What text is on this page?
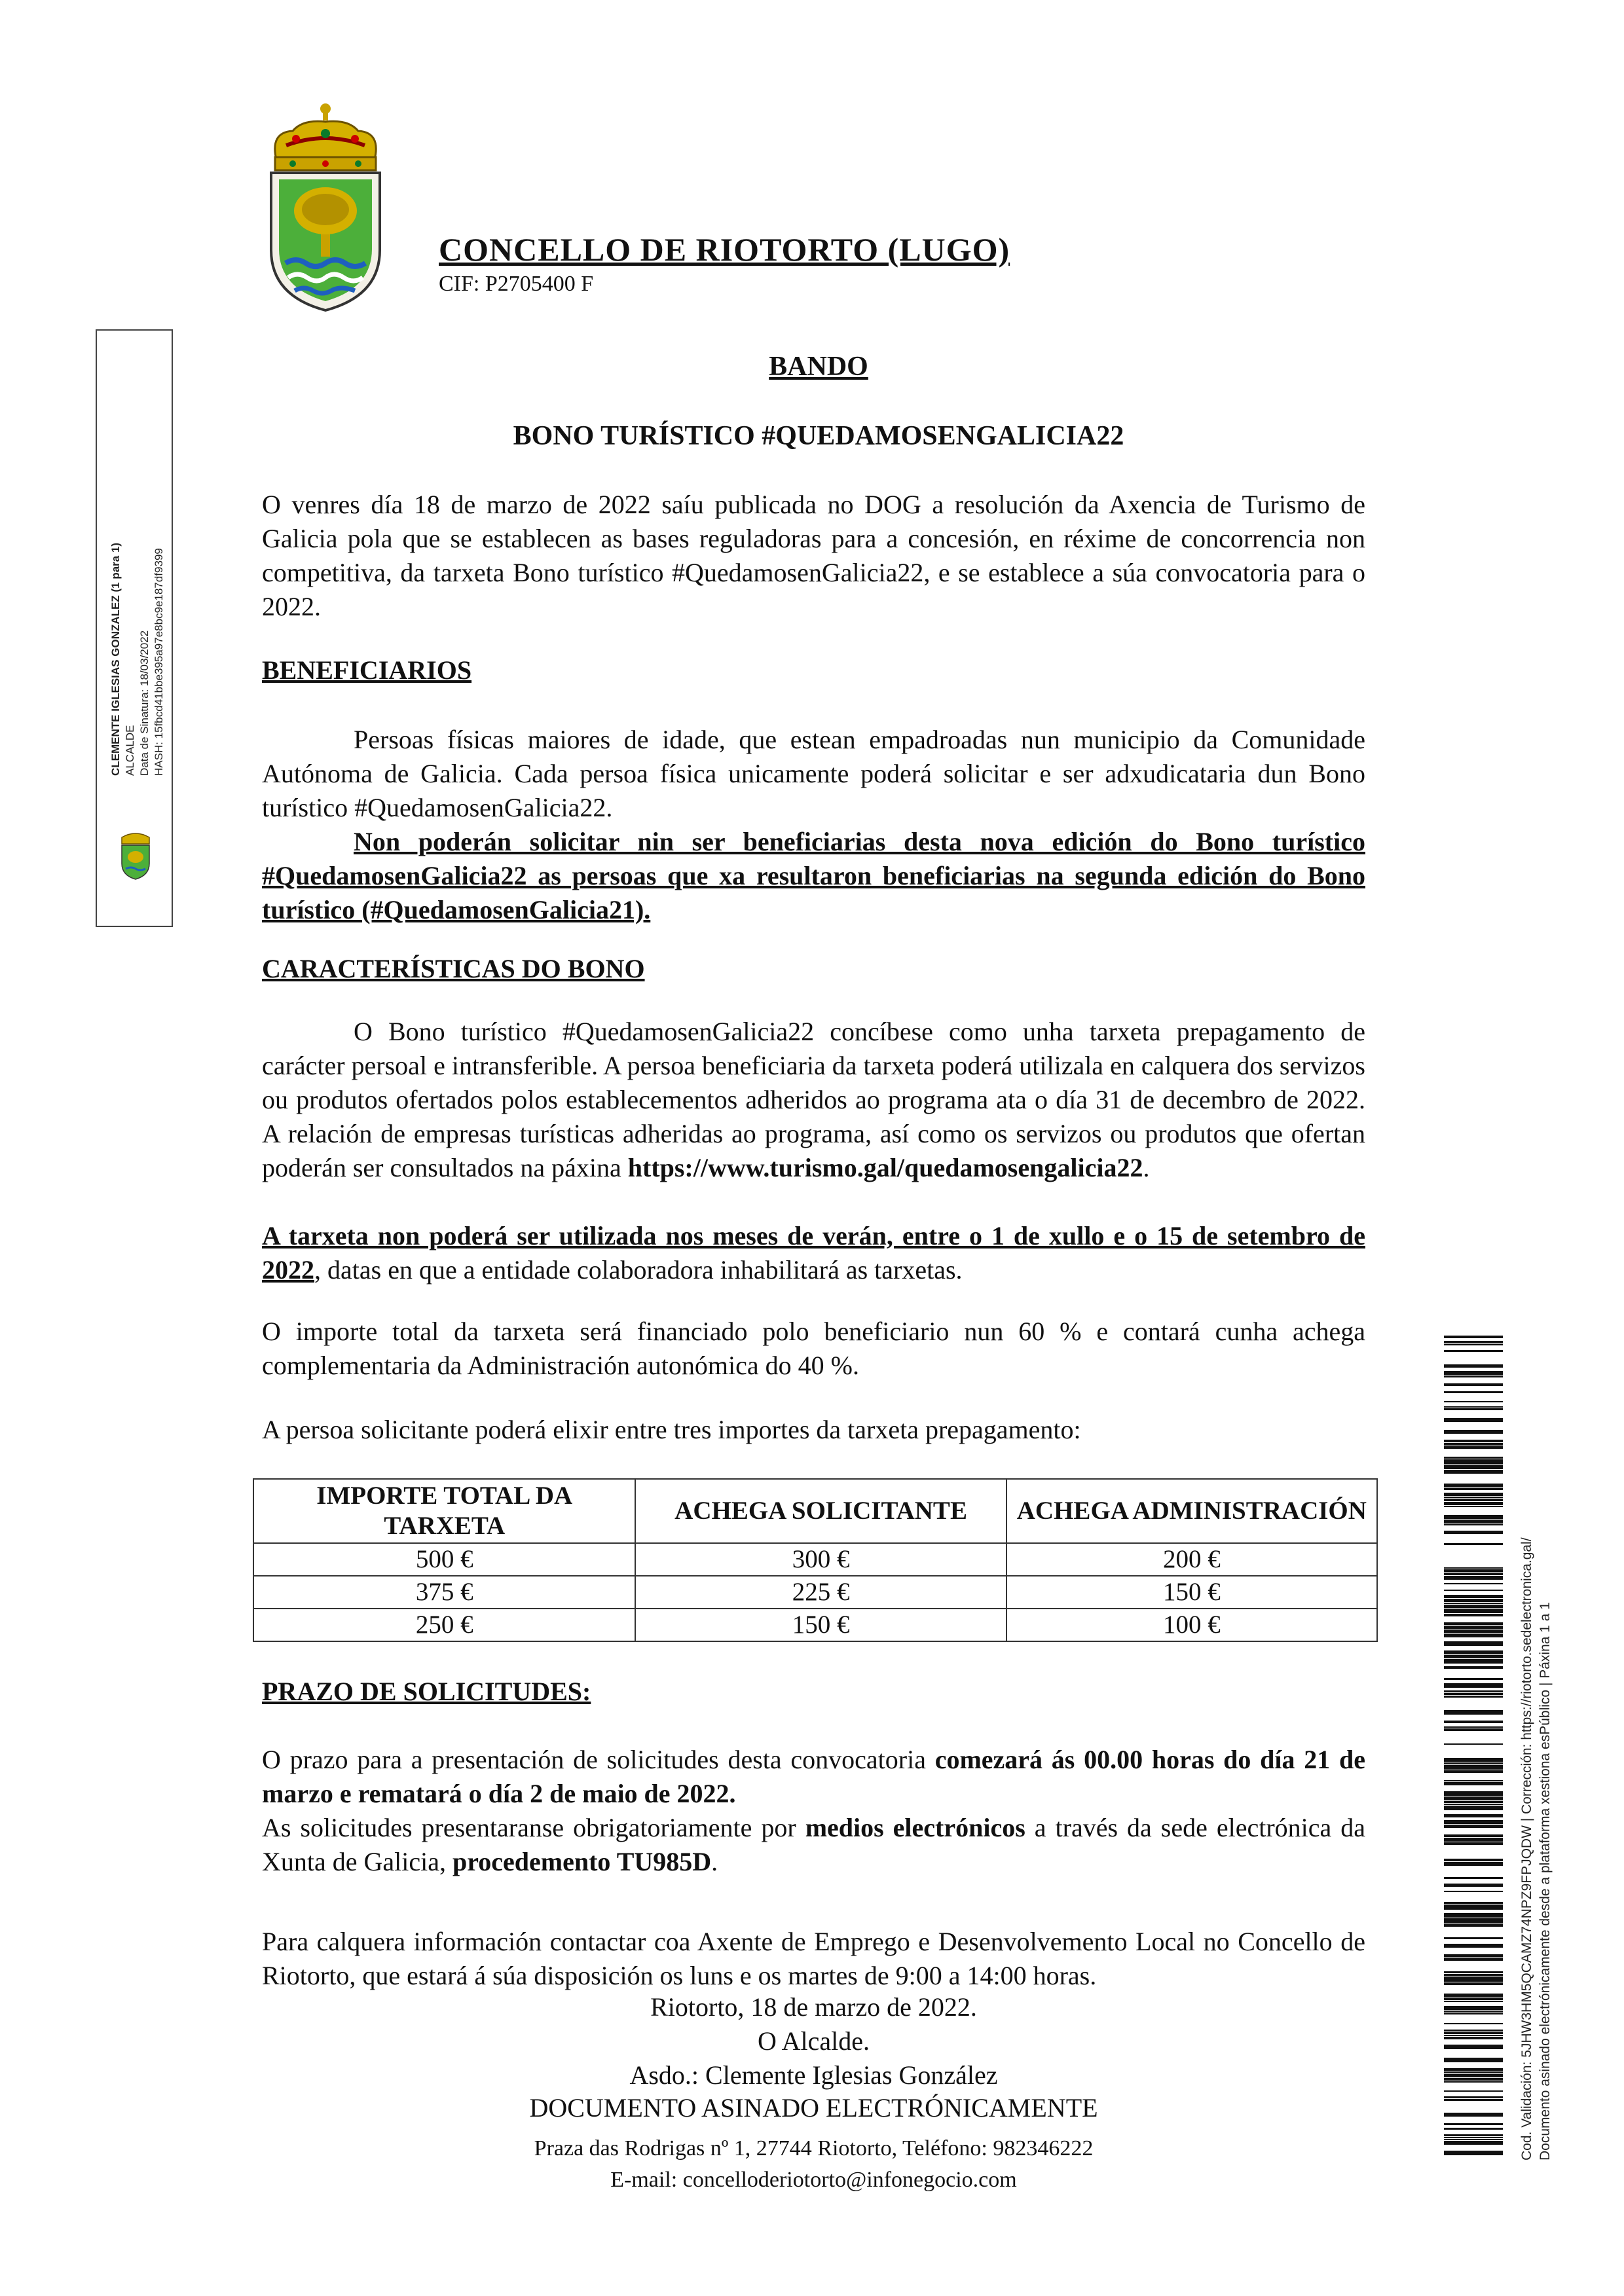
CONCELLO DE RIOTORTO (LUGO)
CIF: P2705400 F
CLEMENTE IGLESIAS GONZALEZ (1 para 1) ALCALDE Data de Sinatura: 18/03/2022 HASH: 15fbcd41bbe395a97e8bc9e187df9399
Cod. Validación: 5JHW3HM5QCAMZ74NPZ9FPJQDW | Corrección: https://riotorto.sedelectronica.gal/ Documento asinado electrónicamente desde a plataforma xestiona esPúblico | Páxina 1 a 1
BANDO
BONO TURÍSTICO #QUEDAMOSENGALICIA22
O venres día 18 de marzo de 2022 saíu publicada no DOG a resolución da Axencia de Turismo de Galicia pola que se establecen as bases reguladoras para a concesión, en réxime de concorrencia non competitiva, da tarxeta Bono turístico #QuedamosenGalicia22, e se establece a súa convocatoria para o 2022.
BENEFICIARIOS
Persoas físicas maiores de idade, que estean empadroadas nun municipio da Comunidade Autónoma de Galicia. Cada persoa física unicamente poderá solicitar e ser adxudicataria dun Bono turístico #QuedamosenGalicia22.
Non poderán solicitar nin ser beneficiarias desta nova edición do Bono turístico #QuedamosenGalicia22 as persoas que xa resultaron beneficiarias na segunda edición do Bono turístico (#QuedamosenGalicia21).
CARACTERÍSTICAS DO BONO
O Bono turístico #QuedamosenGalicia22 concíbese como unha tarxeta prepagamento de carácter persoal e intransferible. A persoa beneficiaria da tarxeta poderá utilizala en calquera dos servizos ou produtos ofertados polos establecementos adheridos ao programa ata o día 31 de decembro de 2022. A relación de empresas turísticas adheridas ao programa, así como os servizos ou produtos que ofertan poderán ser consultados na páxina https://www.turismo.gal/quedamosengalicia22.
A tarxeta non poderá ser utilizada nos meses de verán, entre o 1 de xullo e o 15 de setembro de 2022, datas en que a entidade colaboradora inhabilitará as tarxetas.
O importe total da tarxeta será financiado polo beneficiario nun 60 % e contará cunha achega complementaria da Administración autonómica do 40 %.
A persoa solicitante poderá elixir entre tres importes da tarxeta prepagamento:
IMPORTE TOTAL DA TARXETA	ACHEGA SOLICITANTE	ACHEGA ADMINISTRACIÓN
500 €	300 €	200 €
375 €	225 €	150 €
250 €	150 €	100 €
PRAZO DE SOLICITUDES:
O prazo para a presentación de solicitudes desta convocatoria comezará ás 00.00 horas do día 21 de marzo e rematará o día 2 de maio de 2022.
As solicitudes presentaranse obrigatoriamente por medios electrónicos a través da sede electrónica da Xunta de Galicia, procedemento TU985D.
Para calquera información contactar coa Axente de Emprego e Desenvolvemento Local no Concello de Riotorto, que estará á súa disposición os luns e os martes de 9:00 a 14:00 horas.
Riotorto, 18 de marzo de 2022.
O Alcalde.
Asdo.: Clemente Iglesias González
DOCUMENTO ASINADO ELECTRÓNICAMENTE
Praza das Rodrigas nº 1, 27744 Riotorto, Teléfono: 982346222
E-mail: concelloderiotorto@infonegocio.com
